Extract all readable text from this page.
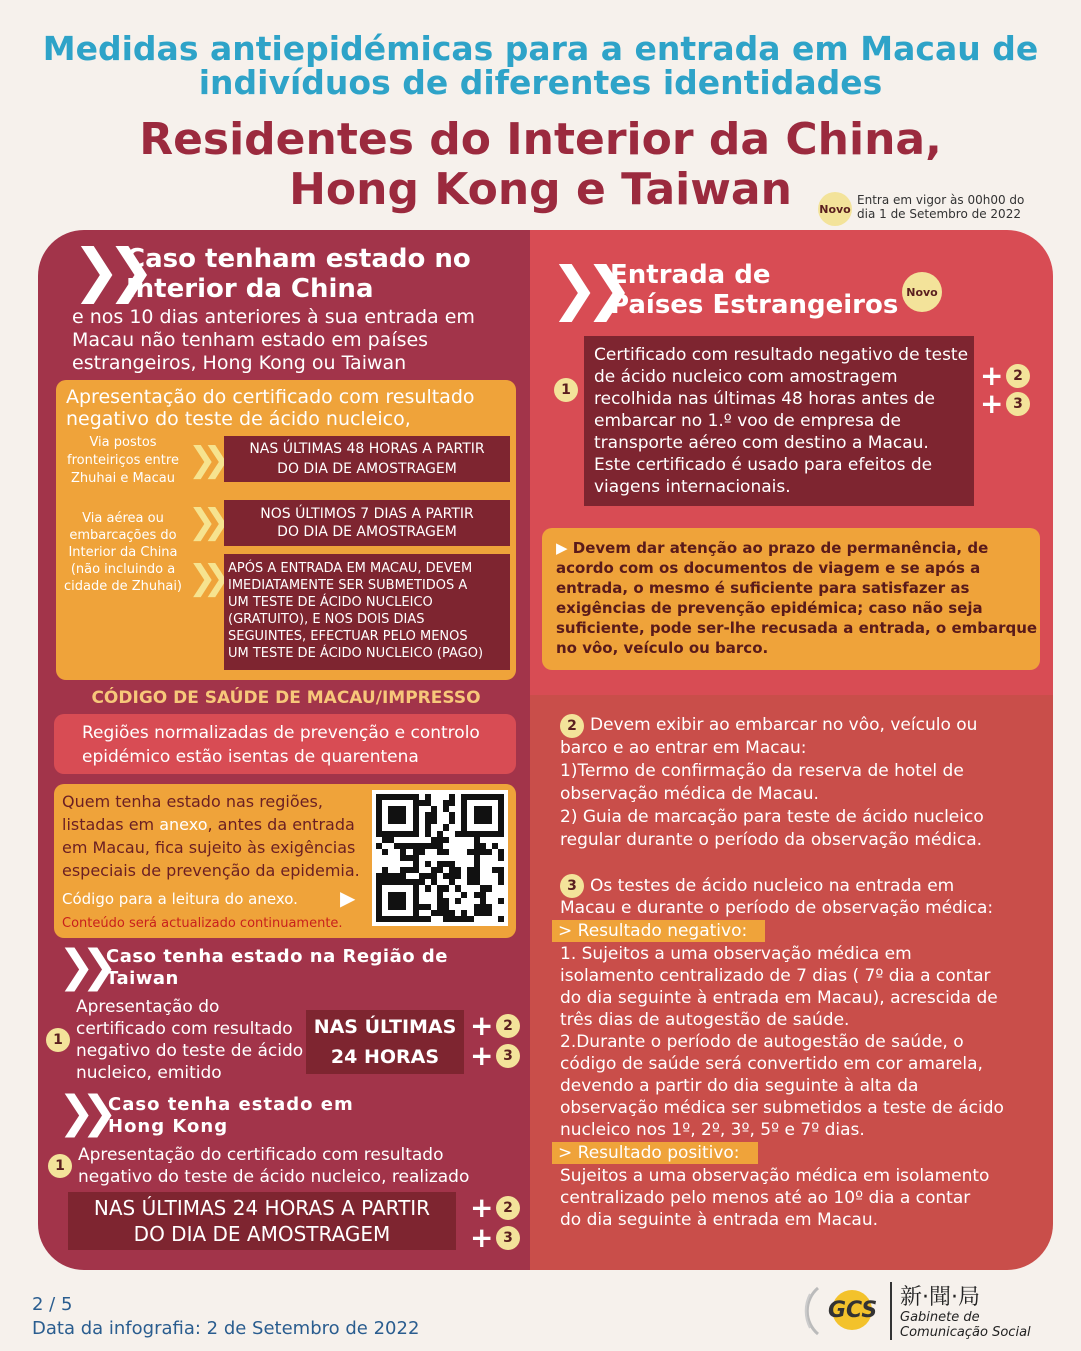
Medidas antiepidémicas para a entrada em Macau de
indivíduos de diferentes identidades
Residentes do Interior da China,
Hong Kong e Taiwan	Novo
Entra em vigor às 00h00 do
dia 1 de Setembro de 2022
❯❯
Caso tenham estado no
Interior da China
e nos 10 dias anteriores à sua entrada em
Macau não tenham estado em países
estrangeiros, Hong Kong ou Taiwan
Apresentação do certificado com resultado
negativo do teste de ácido nucleico,
Via postos
fronteiriços entre
Zhuhai e Macau ❯❯	NAS ÚLTIMAS 48 HORAS A PARTIR
DO DIA DE AMOSTRAGEM
Via aérea ou
embarcações do
Interior da China
(não incluindo a
cidade de Zhuhai)
❯❯	NOS ÚLTIMOS 7 DIAS A PARTIR
DO DIA DE AMOSTRAGEM
❯❯ APÓS A ENTRADA EM MACAU, DEVEM
IMEDIATAMENTE SER SUBMETIDOS A
UM TESTE DE ÁCIDO NUCLEICO
(GRATUITO), E NOS DOIS DIAS
SEGUINTES, EFECTUAR PELO MENOS
UM TESTE DE ÁCIDO NUCLEICO (PAGO)
CÓDIGO DE SAÚDE DE MACAU/IMPRESSO
Regiões normalizadas de prevenção e controlo
epidémico estão isentas de quarentena
Quem tenha estado nas regiões,
listadas em anexo, antes da entrada
em Macau, fica sujeito às exigências
especiais de prevenção da epidemia.
Código para a leitura do anexo. ▶
Conteúdo será actualizado continuamente.
❯❯ Caso tenha estado na Região de
Taiwan
1
Apresentação do
certificado com resultado
negativo do teste de ácido
nucleico, emitido
NAS ÚLTIMAS
24 HORAS
+ 2
+ 3
❯❯ Caso tenha estado em
Hong Kong
1
Apresentação do certificado com resultado
negativo do teste de ácido nucleico, realizado
NAS ÚLTIMAS 24 HORAS A PARTIR
DO DIA DE AMOSTRAGEM
+ 2
+ 3
❯❯
Entrada de
Países Estrangeiros Novo
1
Certificado com resultado negativo de teste
de ácido nucleico com amostragem
recolhida nas últimas 48 horas antes de
embarcar no 1.º voo de empresa de
transporte aéreo com destino a Macau.
Este certificado é usado para efeitos de
viagens internacionais.
+ 2
+ 3
▶ Devem dar atenção ao prazo de permanência, de
acordo com os documentos de viagem e se após a
entrada, o mesmo é suficiente para satisfazer as
exigências de prevenção epidémica; caso não seja
suficiente, pode ser-lhe recusada a entrada, o embarque
no vôo, veículo ou barco.
2 Devem exibir ao embarcar no vôo, veículo ou
barco e ao entrar em Macau:
1)Termo de confirmação da reserva de hotel de
observação médica de Macau.
2) Guia de marcação para teste de ácido nucleico
regular durante o período da observação médica.
3 Os testes de ácido nucleico na entrada em
Macau e durante o período de observação médica:
> Resultado negativo:
1. Sujeitos a uma observação médica em
isolamento centralizado de 7 dias ( 7º dia a contar
do dia seguinte à entrada em Macau), acrescida de
três dias de autogestão de saúde.
2.Durante o período de autogestão de saúde, o
código de saúde será convertido em cor amarela,
devendo a partir do dia seguinte à alta da
observação médica ser submetidos a teste de ácido
nucleico nos 1º, 2º, 3º, 5º e 7º dias.
> Resultado positivo:
Sujeitos a uma observação médica em isolamento
centralizado pelo menos até ao 10º dia a contar
do dia seguinte à entrada em Macau.
2 / 5
Data da infografia: 2 de Setembro de 2022
GCS
新·聞·局
Gabinete de
Comunicação Social
